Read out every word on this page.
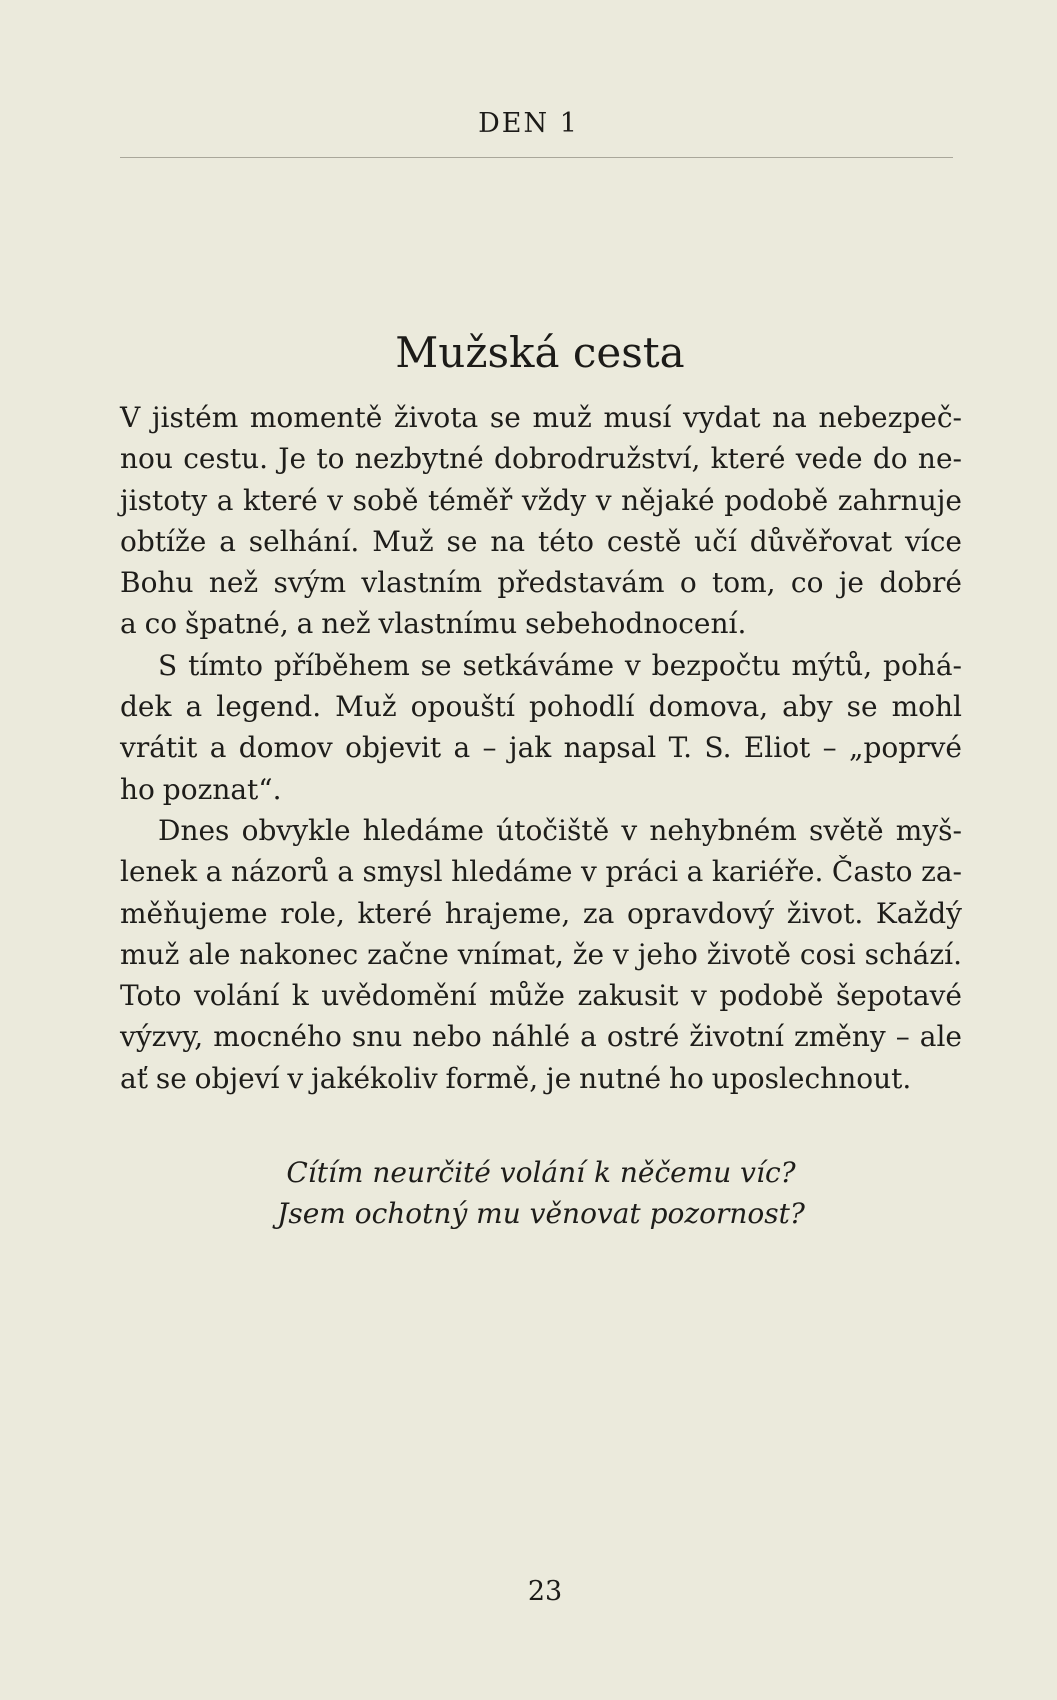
DEN 1
Mužská cesta
V jistém momentě života se muž musí vydat na nebezpeč-
nou cestu. Je to nezbytné dobrodružství, které vede do ne-
jistoty a které v sobě téměř vždy v nějaké podobě zahrnuje
obtíže a selhání. Muž se na této cestě učí důvěřovat více
Bohu než svým vlastním představám o tom, co je dobré
a co špatné, a než vlastnímu sebehodnocení.
S tímto příběhem se setkáváme v bezpočtu mýtů, pohá-
dek a legend. Muž opouští pohodlí domova, aby se mohl
vrátit a domov objevit a – jak napsal T. S. Eliot – „poprvé
ho poznat“.
Dnes obvykle hledáme útočiště v nehybném světě myš-
lenek a názorů a smysl hledáme v práci a kariéře. Často za-
měňujeme role, které hrajeme, za opravdový život. Každý
muž ale nakonec začne vnímat, že v jeho životě cosi schází.
Toto volání k uvědomění může zakusit v podobě šepotavé
výzvy, mocného snu nebo náhlé a ostré životní změny – ale
ať se objeví v jakékoliv formě, je nutné ho uposlechnout.
Cítím neurčité volání k něčemu víc?
Jsem ochotný mu věnovat pozornost?
23
